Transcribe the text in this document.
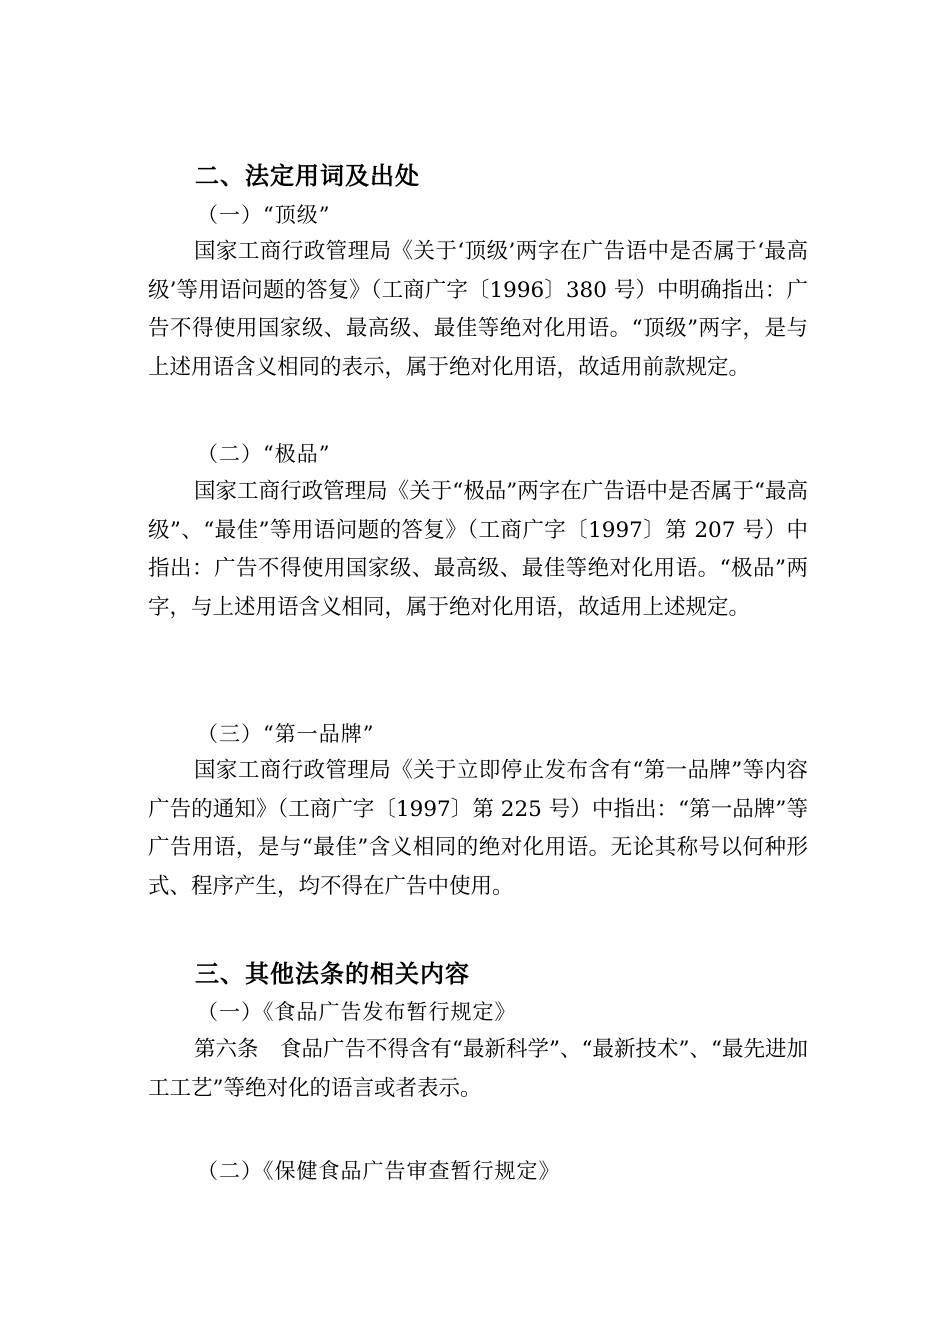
二、法定用词及出处
（一）“顶级”

国家工商行政管理局《关于‘顶级’两字在广告语中是否属于‘最高级’等用语问题的答复》（工商广字〔1996〕380 号）中明确指出：广告不得使用国家级、最高级、最佳等绝对化用语。“顶级”两字，是与上述用语含义相同的表示，属于绝对化用语，故适用前款规定。

（二）“极品”

国家工商行政管理局《关于“极品”两字在广告语中是否属于“最高级”、“最佳”等用语问题的答复》（工商广字〔1997〕第 207 号）中指出：广告不得使用国家级、最高级、最佳等绝对化用语。“极品”两字，与上述用语含义相同，属于绝对化用语，故适用上述规定。

（三）“第一品牌”

国家工商行政管理局《关于立即停止发布含有“第一品牌”等内容广告的通知》（工商广字〔1997〕第 225 号）中指出：“第一品牌”等广告用语，是与“最佳”含义相同的绝对化用语。无论其称号以何种形式、程序产生，均不得在广告中使用。

三、其他法条的相关内容
（一）《食品广告发布暂行规定》

第六条　食品广告不得含有“最新科学”、“最新技术”、“最先进加工工艺”等绝对化的语言或者表示。

（二）《保健食品广告审查暂行规定》
